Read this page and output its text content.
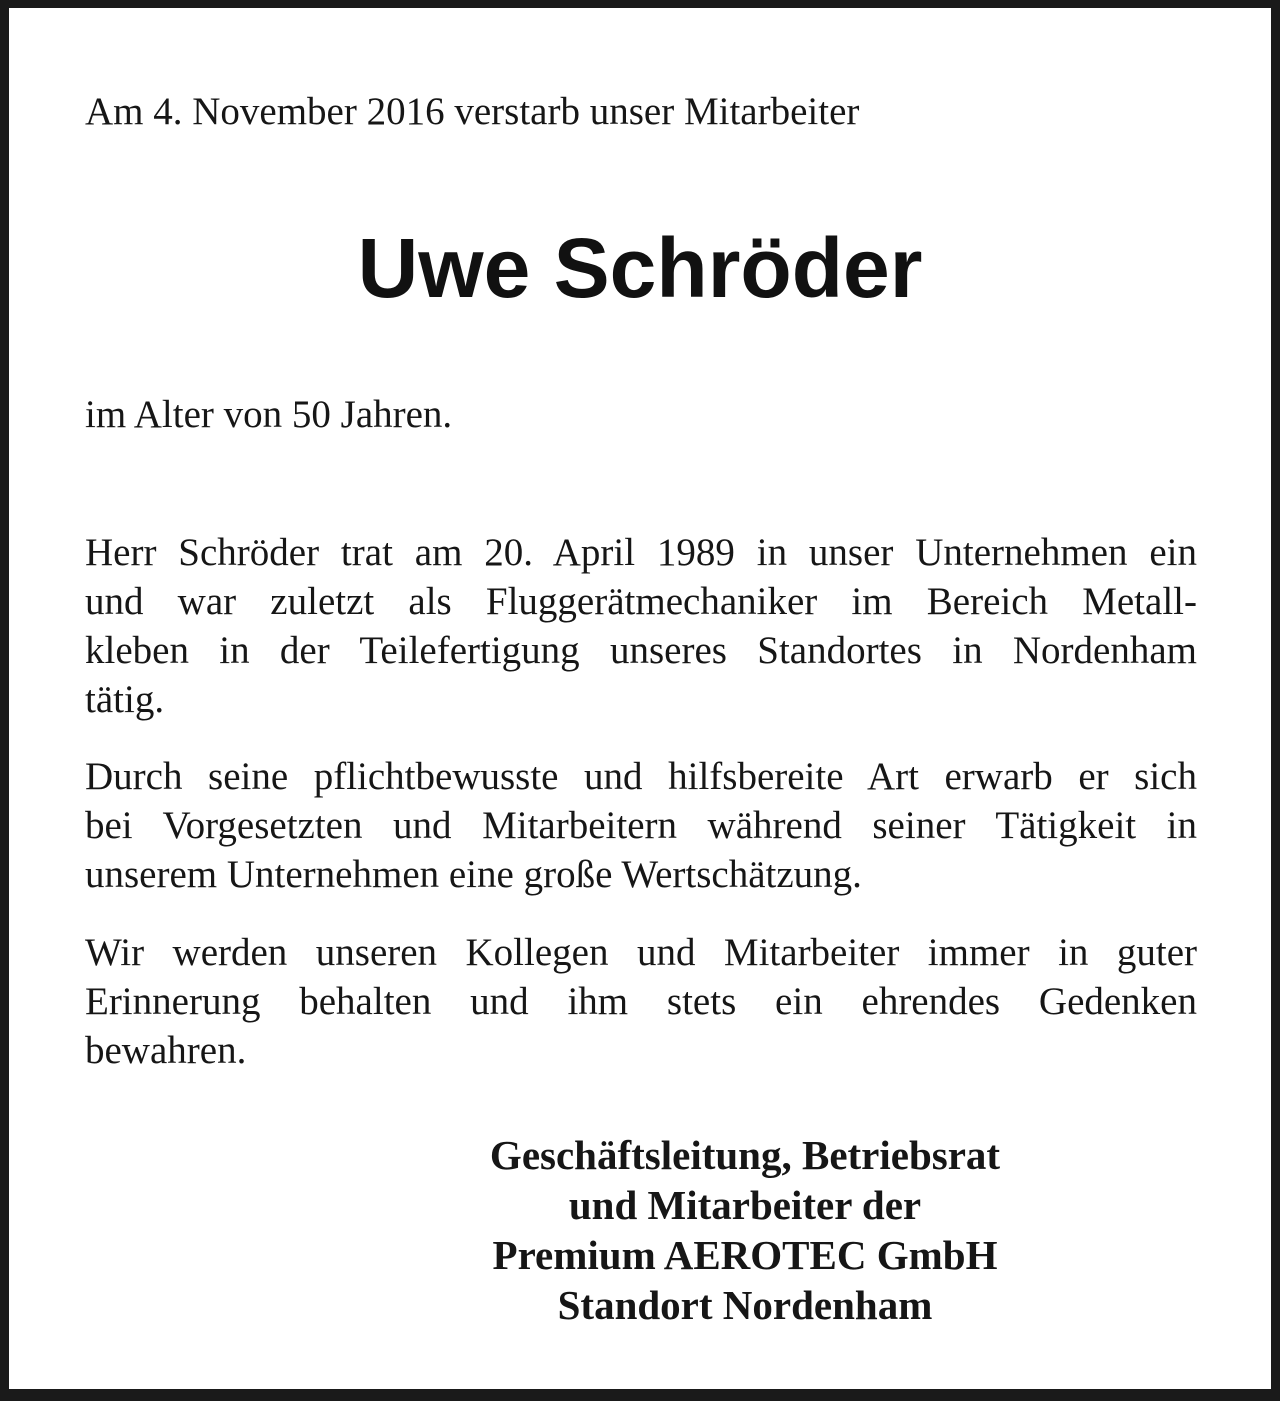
Am 4. November 2016 verstarb unser Mitarbeiter

Uwe Schröder

im Alter von 50 Jahren.

Herr Schröder trat am 20. April 1989 in unser Unternehmen ein
und war zuletzt als Fluggerätmechaniker im Bereich Metall-
kleben in der Teilefertigung unseres Standortes in Nordenham
tätig.

Durch seine pflichtbewusste und hilfsbereite Art erwarb er sich
bei Vorgesetzten und Mitarbeitern während seiner Tätigkeit in
unserem Unternehmen eine große Wertschätzung.

Wir werden unseren Kollegen und Mitarbeiter immer in guter
Erinnerung behalten und ihm stets ein ehrendes Gedenken
bewahren.

Geschäftsleitung, Betriebsrat
und Mitarbeiter der
Premium AEROTEC GmbH
Standort Nordenham
